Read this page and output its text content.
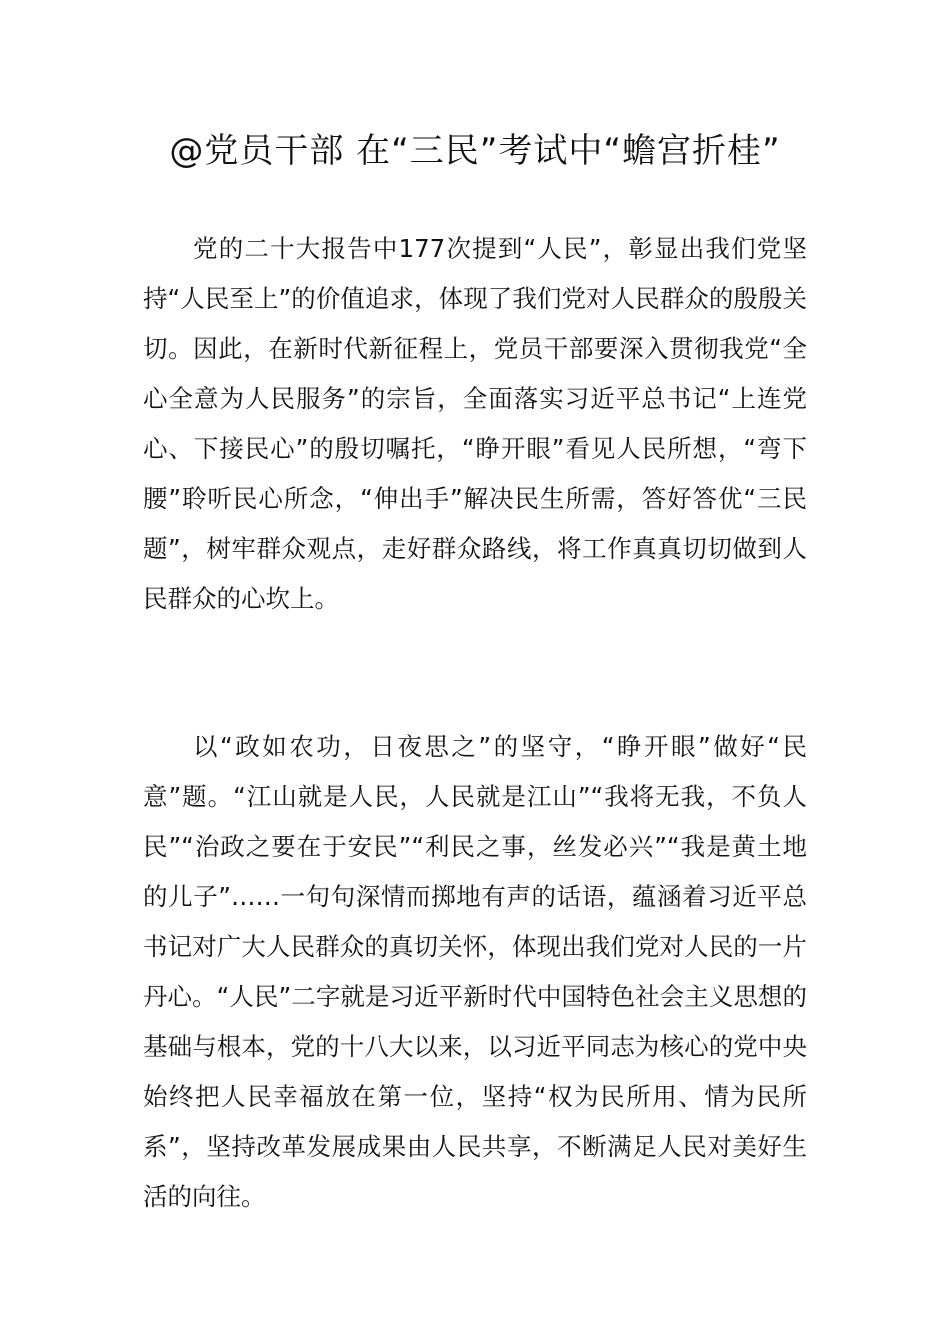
@党员干部 在“三民”考试中“蟾宫折桂”

党的二十大报告中177次提到“人民”，彰显出我们党坚持“人民至上”的价值追求，体现了我们党对人民群众的殷殷关切。因此，在新时代新征程上，党员干部要深入贯彻我党“全心全意为人民服务”的宗旨，全面落实习近平总书记“上连党心、下接民心”的殷切嘱托，“睁开眼”看见人民所想，“弯下腰”聆听民心所念，“伸出手”解决民生所需，答好答优“三民题”，树牢群众观点，走好群众路线，将工作真真切切做到人民群众的心坎上。

以“政如农功，日夜思之”的坚守，“睁开眼”做好“民意”题。“江山就是人民，人民就是江山”“我将无我，不负人民”“治政之要在于安民”“利民之事，丝发必兴”“我是黄土地的儿子”……一句句深情而掷地有声的话语，蕴涵着习近平总书记对广大人民群众的真切关怀，体现出我们党对人民的一片丹心。“人民”二字就是习近平新时代中国特色社会主义思想的基础与根本，党的十八大以来，以习近平同志为核心的党中央始终把人民幸福放在第一位，坚持“权为民所用、情为民所系”，坚持改革发展成果由人民共享，不断满足人民对美好生活的向往。
